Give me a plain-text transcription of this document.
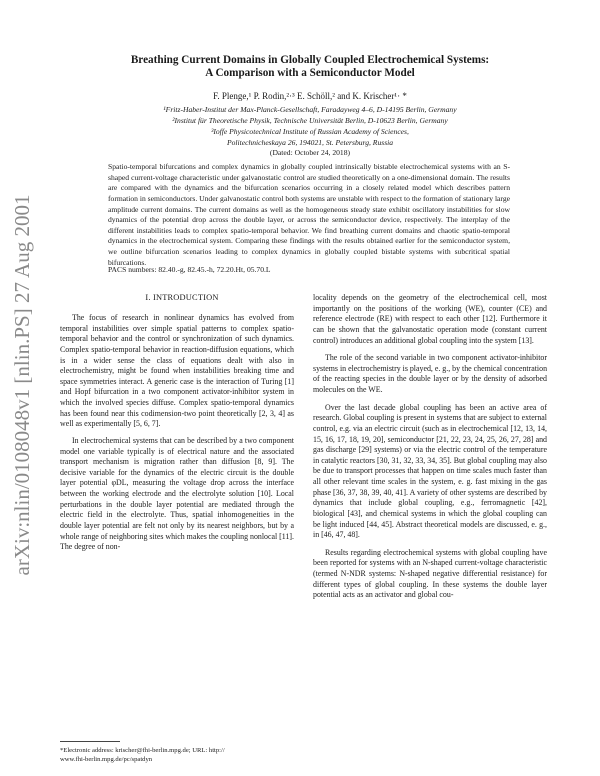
arXiv:nlin/0108048v1 [nlin.PS] 27 Aug 2001
Breathing Current Domains in Globally Coupled Electrochemical Systems:
A Comparison with a Semiconductor Model
F. Plenge,¹ P. Rodin,²·³ E. Schöll,² and K. Krischer¹· *
¹Fritz-Haber-Institut der Max-Planck-Gesellschaft, Faradayweg 4–6, D-14195 Berlin, Germany
²Institut für Theoretische Physik, Technische Universität Berlin, D-10623 Berlin, Germany
³Ioffe Physicotechnical Institute of Russian Academy of Sciences,
Politechnicheskaya 26, 194021, St. Petersburg, Russia
(Dated: October 24, 2018)
Spatio-temporal bifurcations and complex dynamics in globally coupled intrinsically bistable electrochemical systems with an S-shaped current-voltage characteristic under galvanostatic control are studied theoretically on a one-dimensional domain. The results are compared with the dynamics and the bifurcation scenarios occurring in a closely related model which describes pattern formation in semiconductors. Under galvanostatic control both systems are unstable with respect to the formation of stationary large amplitude current domains. The current domains as well as the homogeneous steady state exhibit oscillatory instabilities for slow dynamics of the potential drop across the double layer, or across the semiconductor device, respectively. The interplay of the different instabilities leads to complex spatio-temporal behavior. We find breathing current domains and chaotic spatio-temporal dynamics in the electrochemical system. Comparing these findings with the results obtained earlier for the semiconductor system, we outline bifurcation scenarios leading to complex dynamics in globally coupled bistable systems with subcritical spatial bifurcations.
PACS numbers: 82.40.-g, 82.45.-h, 72.20.Ht, 05.70.L
I. INTRODUCTION

The focus of research in nonlinear dynamics has evolved from temporal instabilities over simple spatial patterns to complex spatio-temporal behavior and the control or synchronization of such dynamics. Complex spatio-temporal behavior in reaction-diffusion equations, which is in a wider sense the class of equations dealt with also in electrochemistry, might be found when instabilities breaking time and space symmetries interact. A generic case is the interaction of Turing [1] and Hopf bifurcation in a two component activator-inhibitor system in which the involved species diffuse. Complex spatio-temporal dynamics has been found near this codimension-two point theoretically [2, 3, 4] as well as experimentally [5, 6, 7].

In electrochemical systems that can be described by a two component model one variable typically is of electrical nature and the associated transport mechanism is migration rather than diffusion [8, 9]. The decisive variable for the dynamics of the electric circuit is the double layer potential φDL, measuring the voltage drop across the interface between the working electrode and the electrolyte solution [10]. Local perturbations in the double layer potential are mediated through the electric field in the electrolyte. Thus, spatial inhomogeneities in the double layer potential are felt not only by its nearest neighbors, but by a whole range of neighboring sites which makes the coupling nonlocal [11]. The degree of non-

locality depends on the geometry of the electrochemical cell, most importantly on the positions of the working (WE), counter (CE) and reference electrode (RE) with respect to each other [12]. Furthermore it can be shown that the galvanostatic operation mode (constant current control) introduces an additional global coupling into the system [13].

The role of the second variable in two component activator-inhibitor systems in electrochemistry is played, e. g., by the chemical concentration of the reacting species in the double layer or by the density of adsorbed molecules on the WE.

Over the last decade global coupling has been an active area of research. Global coupling is present in systems that are subject to external control, e.g. via an electric circuit (such as in electrochemical [12, 13, 14, 15, 16, 17, 18, 19, 20], semiconductor [21, 22, 23, 24, 25, 26, 27, 28] and gas discharge [29] systems) or via the electric control of the temperature in catalytic reactors [30, 31, 32, 33, 34, 35]. But global coupling may also be due to transport processes that happen on time scales much faster than all other relevant time scales in the system, e. g. fast mixing in the gas phase [36, 37, 38, 39, 40, 41]. A variety of other systems are described by dynamics that include global coupling, e.g., ferromagnetic [42], biological [43], and chemical systems in which the global coupling can be light induced [44, 45]. Abstract theoretical models are discussed, e. g., in [46, 47, 48].

Results regarding electrochemical systems with global coupling have been reported for systems with an N-shaped current-voltage characteristic (termed N-NDR systems: N-shaped negative differential resistance) for different types of global coupling. In these systems the double layer potential acts as an activator and global cou-

*Electronic address: krischer@fhi-berlin.mpg.de; URL: http://
www.fhi-berlin.mpg.de/pc/spatdyn
